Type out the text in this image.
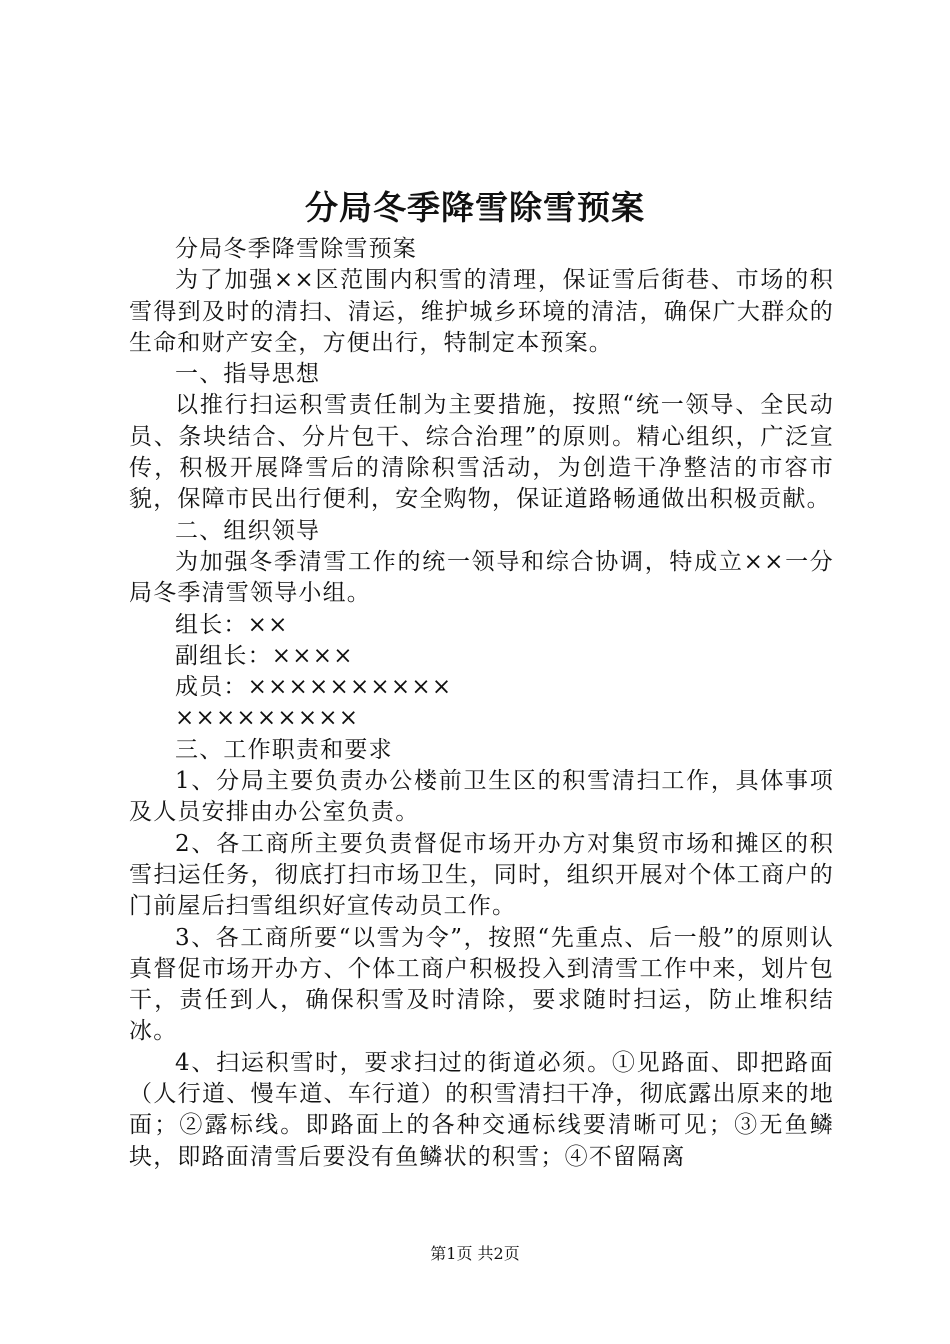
分局冬季降雪除雪预案

分局冬季降雪除雪预案

为了加强××区范围内积雪的清理，保证雪后街巷、市场的积雪得到及时的清扫、清运，维护城乡环境的清洁，确保广大群众的生命和财产安全，方便出行，特制定本预案。

一、指导思想

以推行扫运积雪责任制为主要措施，按照“统一领导、全民动员、条块结合、分片包干、综合治理”的原则。精心组织，广泛宣传，积极开展降雪后的清除积雪活动，为创造干净整洁的市容市貌，保障市民出行便利，安全购物，保证道路畅通做出积极贡献。

二、组织领导

为加强冬季清雪工作的统一领导和综合协调，特成立××一分局冬季清雪领导小组。

组长：××

副组长：××××

成员：××××××××××

×××××××××

三、工作职责和要求

1、分局主要负责办公楼前卫生区的积雪清扫工作，具体事项及人员安排由办公室负责。

2、各工商所主要负责督促市场开办方对集贸市场和摊区的积雪扫运任务，彻底打扫市场卫生，同时，组织开展对个体工商户的门前屋后扫雪组织好宣传动员工作。

3、各工商所要“以雪为令”，按照“先重点、后一般”的原则认真督促市场开办方、个体工商户积极投入到清雪工作中来，划片包干，责任到人，确保积雪及时清除，要求随时扫运，防止堆积结冰。

4、扫运积雪时，要求扫过的街道必须。①见路面、即把路面（人行道、慢车道、车行道）的积雪清扫干净，彻底露出原来的地面；②露标线。即路面上的各种交通标线要清晰可见；③无鱼鳞块，即路面清雪后要没有鱼鳞状的积雪；④不留隔离

第1页 共2页
